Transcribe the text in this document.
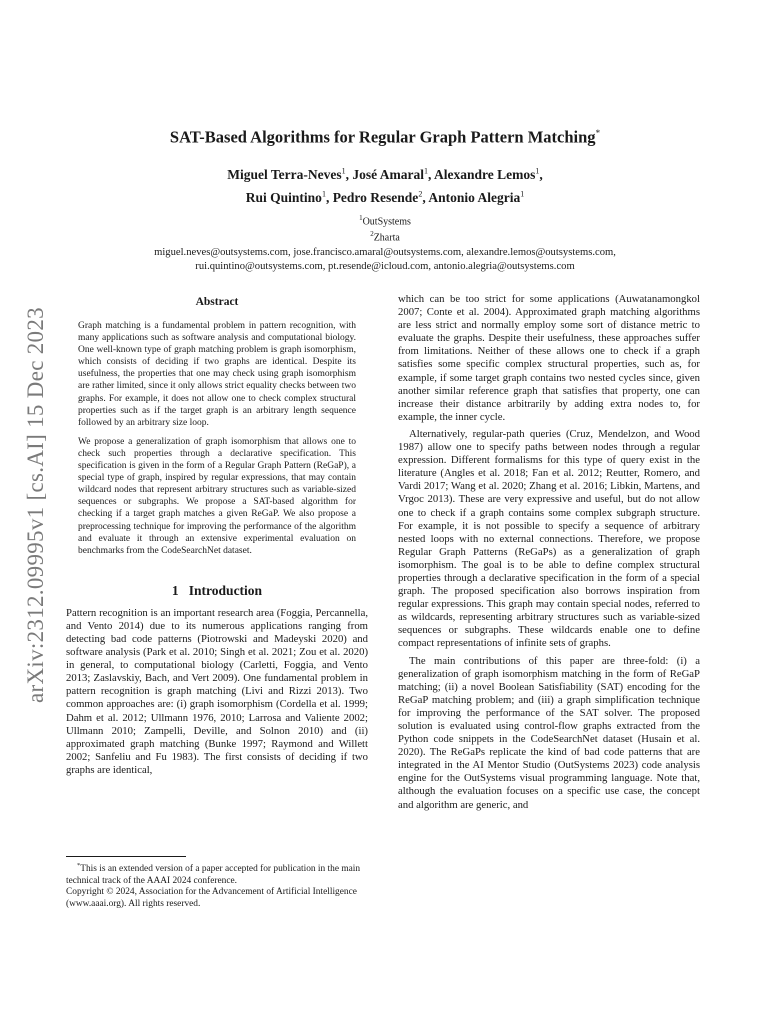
arXiv:2312.09995v1 [cs.AI] 15 Dec 2023
SAT-Based Algorithms for Regular Graph Pattern Matching*
Miguel Terra-Neves$^1$, José Amaral$^1$, Alexandre Lemos$^1$,
Rui Quintino$^1$, Pedro Resende$^2$, Antonio Alegria$^1$
$^1$OutSystems
$^2$Zharta
miguel.neves@outsystems.com, jose.francisco.amaral@outsystems.com, alexandre.lemos@outsystems.com,
rui.quintino@outsystems.com, pt.resende@icloud.com, antonio.alegria@outsystems.com
Abstract

Graph matching is a fundamental problem in pattern recognition, with many applications such as software analysis and computational biology. One well-known type of graph matching problem is graph isomorphism, which consists of deciding if two graphs are identical. Despite its usefulness, the properties that one may check using graph isomorphism are rather limited, since it only allows strict equality checks between two graphs. For example, it does not allow one to check complex structural properties such as if the target graph is an arbitrary length sequence followed by an arbitrary size loop.

We propose a generalization of graph isomorphism that allows one to check such properties through a declarative specification. This specification is given in the form of a Regular Graph Pattern (ReGaP), a special type of graph, inspired by regular expressions, that may contain wildcard nodes that represent arbitrary structures such as variable-sized sequences or subgraphs. We propose a SAT-based algorithm for checking if a target graph matches a given ReGaP. We also propose a preprocessing technique for improving the performance of the algorithm and evaluate it through an extensive experimental evaluation on benchmarks from the CodeSearchNet dataset.

1 Introduction

Pattern recognition is an important research area (Foggia, Percannella, and Vento 2014) due to its numerous applications ranging from detecting bad code patterns (Piotrowski and Madeyski 2020) and software analysis (Park et al. 2010; Singh et al. 2021; Zou et al. 2020) in general, to computational biology (Carletti, Foggia, and Vento 2013; Zaslavskiy, Bach, and Vert 2009). One fundamental problem in pattern recognition is graph matching (Livi and Rizzi 2013). Two common approaches are: (i) graph isomorphism (Cordella et al. 1999; Dahm et al. 2012; Ullmann 1976, 2010; Larrosa and Valiente 2002; Ullmann 2010; Zampelli, Deville, and Solnon 2010) and (ii) approximated graph matching (Bunke 1997; Raymond and Willett 2002; Sanfeliu and Fu 1983). The first consists of deciding if two graphs are identical,

which can be too strict for some applications (Auwatanamongkol 2007; Conte et al. 2004). Approximated graph matching algorithms are less strict and normally employ some sort of distance metric to evaluate the graphs. Despite their usefulness, these approaches suffer from limitations. Neither of these allows one to check if a graph satisfies some specific complex structural properties, such as, for example, if some target graph contains two nested cycles since, given another similar reference graph that satisfies that property, one can increase their distance arbitrarily by adding extra nodes to, for example, the inner cycle.

Alternatively, regular-path queries (Cruz, Mendelzon, and Wood 1987) allow one to specify paths between nodes through a regular expression. Different formalisms for this type of query exist in the literature (Angles et al. 2018; Fan et al. 2012; Reutter, Romero, and Vardi 2017; Wang et al. 2020; Zhang et al. 2016; Libkin, Martens, and Vrgoc 2013). These are very expressive and useful, but do not allow one to check if a graph contains some complex subgraph structure. For example, it is not possible to specify a sequence of arbitrary nested loops with no external connections. Therefore, we propose Regular Graph Patterns (ReGaPs) as a generalization of graph isomorphism. The goal is to be able to define complex structural properties through a declarative specification in the form of a special graph. The proposed specification also borrows inspiration from regular expressions. This graph may contain special nodes, referred to as wildcards, representing arbitrary structures such as variable-sized sequences or subgraphs. These wildcards enable one to define compact representations of infinite sets of graphs.

The main contributions of this paper are three-fold: (i) a generalization of graph isomorphism matching in the form of ReGaP matching; (ii) a novel Boolean Satisfiability (SAT) encoding for the ReGaP matching problem; and (iii) a graph simplification technique for improving the performance of the SAT solver. The proposed solution is evaluated using control-flow graphs extracted from the Python code snippets in the CodeSearchNet dataset (Husain et al. 2020). The ReGaPs replicate the kind of bad code patterns that are integrated in the AI Mentor Studio (OutSystems 2023) code analysis engine for the OutSystems visual programming language. Note that, although the evaluation focuses on a specific use case, the concept and algorithm are generic, and

*This is an extended version of a paper accepted for publication in the main technical track of the AAAI 2024 conference.

Copyright © 2024, Association for the Advancement of Artificial Intelligence (www.aaai.org). All rights reserved.
